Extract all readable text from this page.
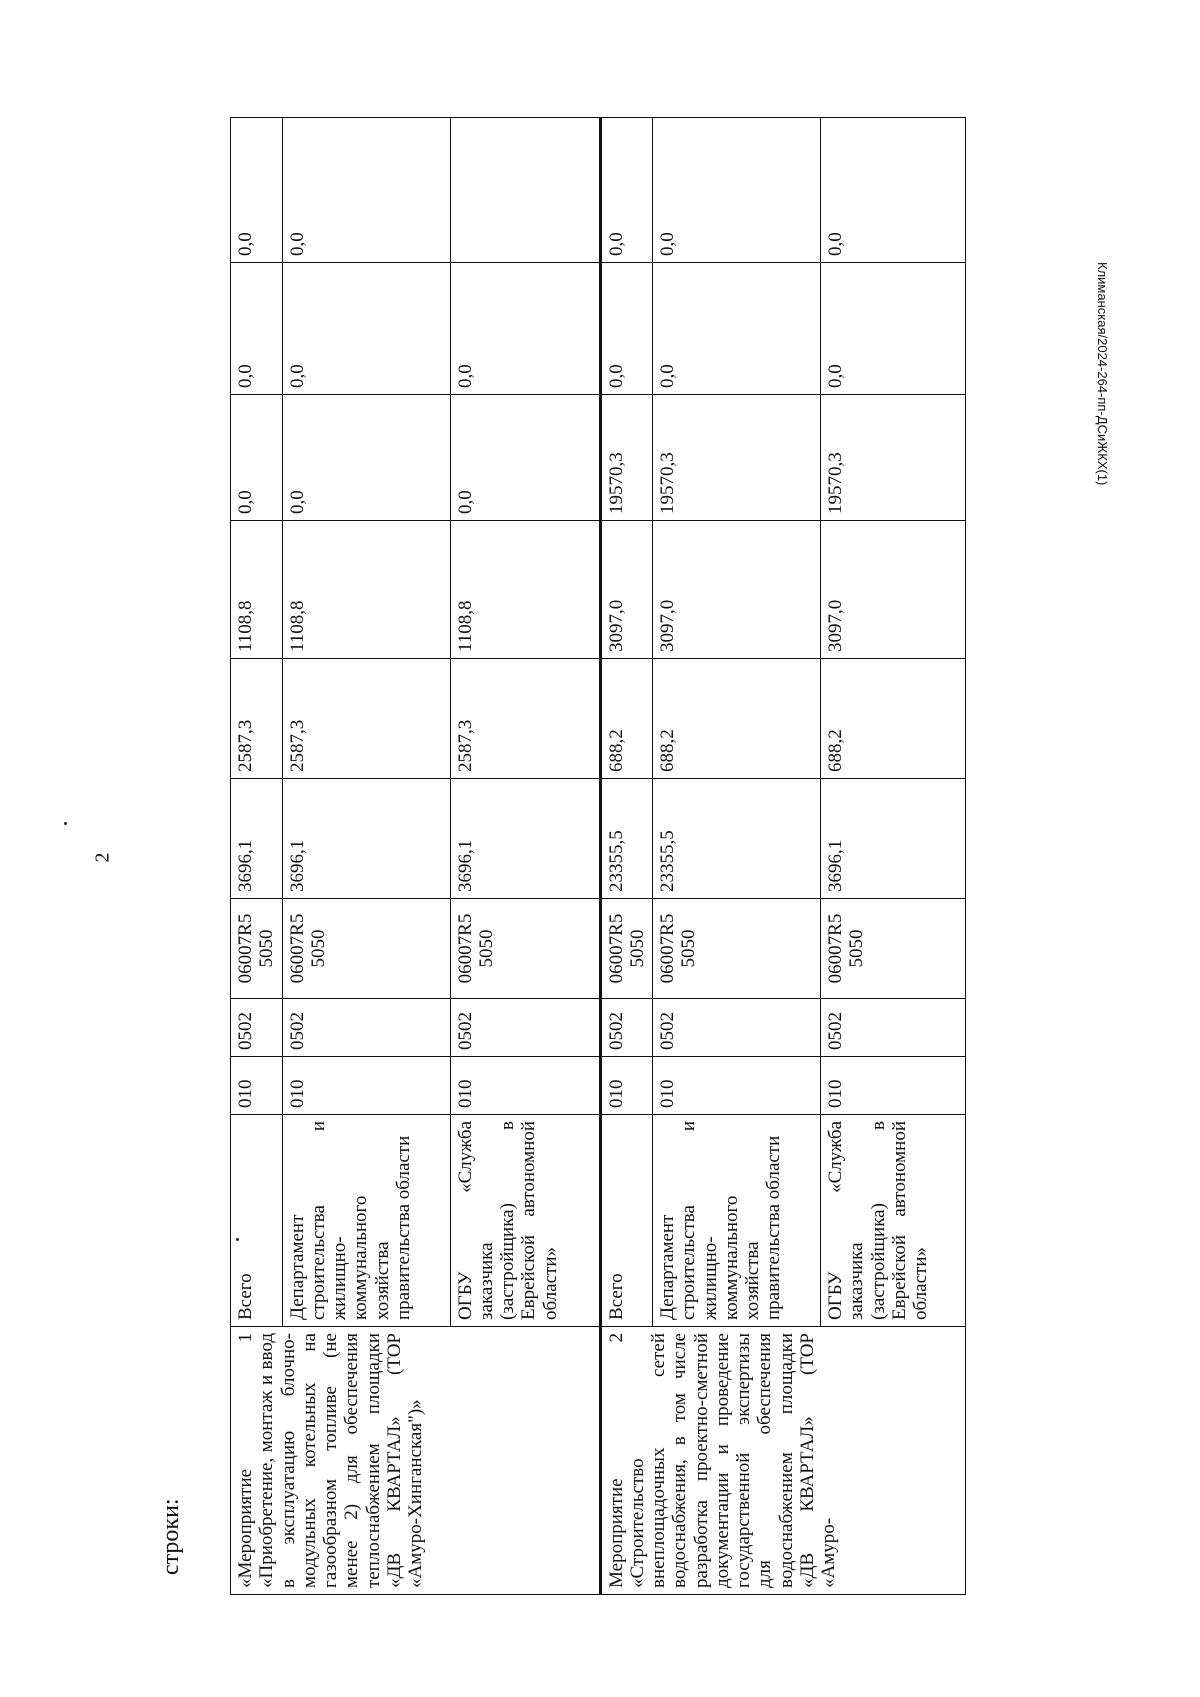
2
строки:	«Мероприятие 1 «Приобретение, монтаж и ввод в эксплуатацию блочно-модульных котельных на газообразном топливе (не менее 2) для обеспечения теплоснабжением площадки «ДВ КВАРТАЛ» (ТОР «Амуро-Хинганская")»	Всего	010	0502	06007R5 5050	3696,1	2587,3	1108,8	0,0	0,0	0,0
	Департамент строительства и жилищно-коммунального хозяйства правительства области	010	0502	06007R5 5050	3696,1	2587,3	1108,8	0,0	0,0	0,0
	ОГБУ «Служба заказчика (застройщика) в Еврейской автономной области»	010	0502	06007R5 5050	3696,1	2587,3	1108,8	0,0	0,0	
Мероприятие 2 «Строительство внеплощадочных сетей водоснабжения, в том числе разработка проектно-сметной документации и проведение государственной экспертизы для обеспечения водоснабжением площадки «ДВ КВАРТАЛ» (ТОР «Амуро-	Всего	010	0502	06007R5 5050	23355,5	688,2	3097,0	19570,3	0,0	0,0
	Департамент строительства и жилищно-коммунального хозяйства правительства области	010	0502	06007R5 5050	23355,5	688,2	3097,0	19570,3	0,0	0,0
	ОГБУ «Служба заказчика (застройщика) в Еврейской автономной области»	010	0502	06007R5 5050	3696,1	688,2	3097,0	19570,3	0,0	0,0
Климанская/2024-264-пп-ДСиЖКХ(1)
